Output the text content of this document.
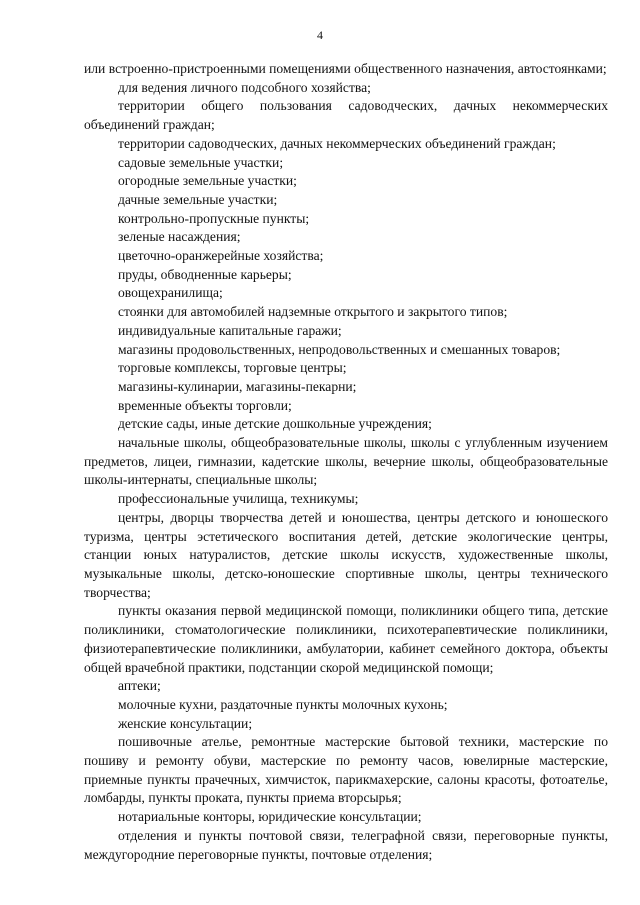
4

или встроенно-пристроенными помещениями общественного назначения, автостоянками;

для ведения личного подсобного хозяйства;

территории общего пользования садоводческих, дачных некоммерческих объединений граждан;

территории садоводческих, дачных некоммерческих объединений граждан;

садовые земельные участки;

огородные земельные участки;

дачные земельные участки;

контрольно-пропускные пункты;

зеленые насаждения;

цветочно-оранжерейные хозяйства;

пруды, обводненные карьеры;

овощехранилища;

стоянки для автомобилей надземные открытого и закрытого типов;

индивидуальные капитальные гаражи;

магазины продовольственных, непродовольственных и смешанных товаров;

торговые комплексы, торговые центры;

магазины-кулинарии, магазины-пекарни;

временные объекты торговли;

детские сады, иные детские дошкольные учреждения;

начальные школы, общеобразовательные школы, школы с углубленным изучением предметов, лицеи, гимназии, кадетские школы, вечерние школы, общеобразовательные школы-интернаты, специальные школы;

профессиональные училища, техникумы;

центры, дворцы творчества детей и юношества, центры детского и юношеского туризма, центры эстетического воспитания детей, детские экологические центры, станции юных натуралистов, детские школы искусств, художественные школы, музыкальные школы, детско-юношеские спортивные школы, центры технического творчества;

пункты оказания первой медицинской помощи, поликлиники общего типа, детские поликлиники, стоматологические поликлиники, психотерапевтические поликлиники, физиотерапевтические поликлиники, амбулатории, кабинет семейного доктора, объекты общей врачебной практики, подстанции скорой медицинской помощи;

аптеки;

молочные кухни, раздаточные пункты молочных кухонь;

женские консультации;

пошивочные ателье, ремонтные мастерские бытовой техники, мастерские по пошиву и ремонту обуви, мастерские по ремонту часов, ювелирные мастерские, приемные пункты прачечных, химчисток, парикмахерские, салоны красоты, фотоателье, ломбарды, пункты проката, пункты приема вторсырья;

нотариальные конторы, юридические консультации;

отделения и пункты почтовой связи, телеграфной связи, переговорные пункты, междугородние переговорные пункты, почтовые отделения;
